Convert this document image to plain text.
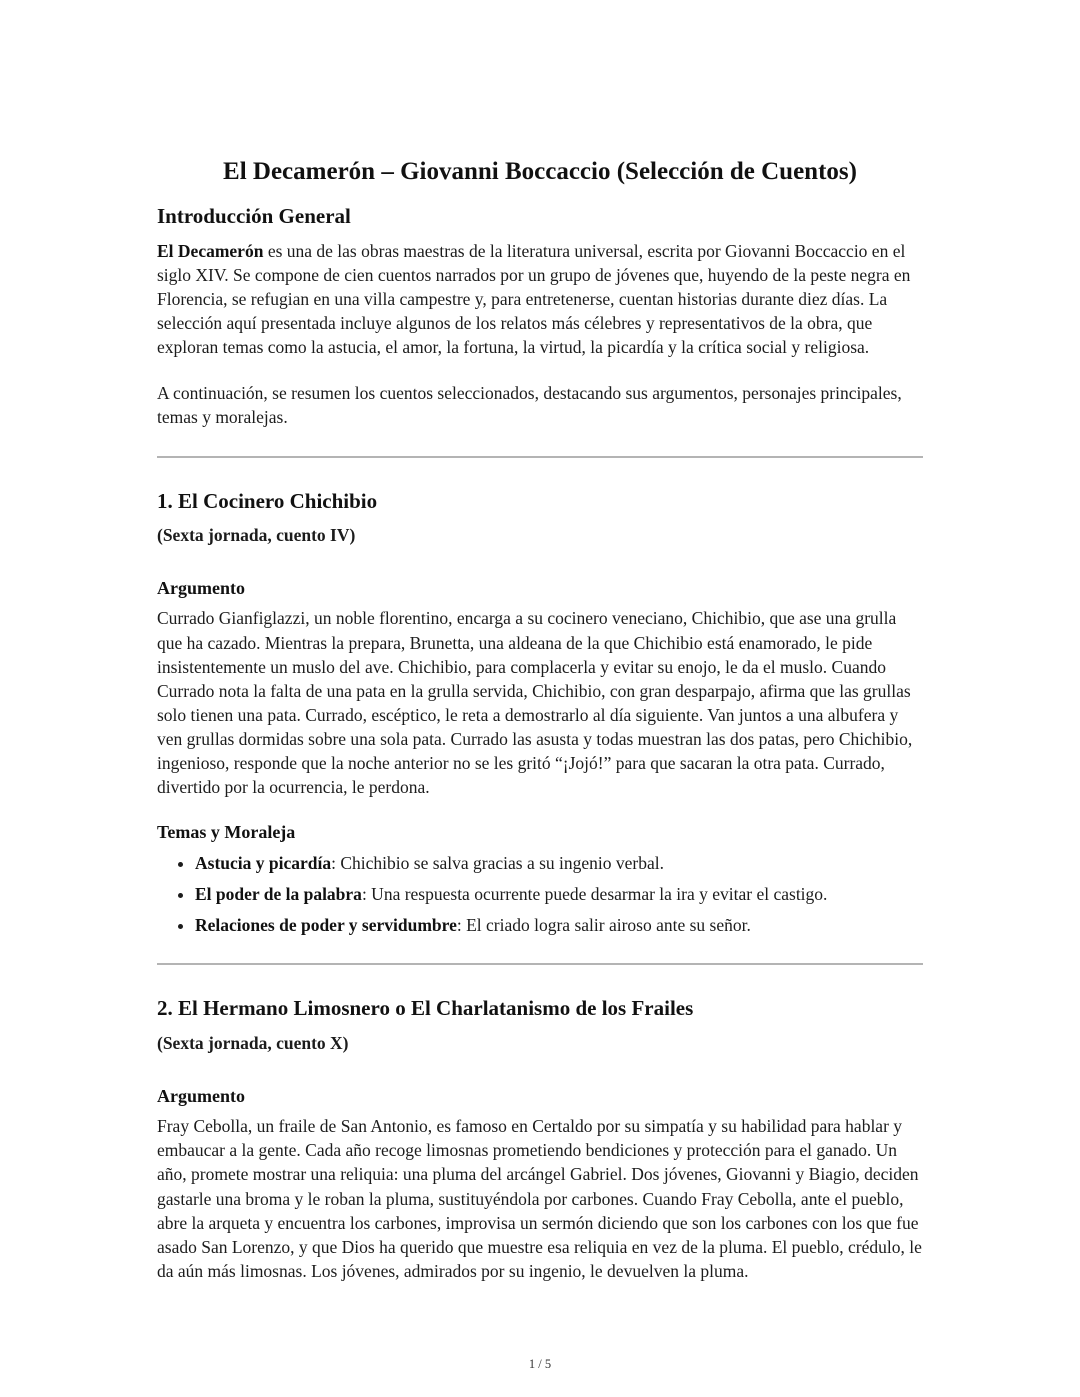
El Decamerón – Giovanni Boccaccio (Selección de Cuentos)
Introducción General

El Decamerón es una de las obras maestras de la literatura universal, escrita por Giovanni Boccaccio en el siglo XIV. Se compone de cien cuentos narrados por un grupo de jóvenes que, huyendo de la peste negra en Florencia, se refugian en una villa campestre y, para entretenerse, cuentan historias durante diez días. La selección aquí presentada incluye algunos de los relatos más célebres y representativos de la obra, que exploran temas como la astucia, el amor, la fortuna, la virtud, la picardía y la crítica social y religiosa.

A continuación, se resumen los cuentos seleccionados, destacando sus argumentos, personajes principales, temas y moralejas.

1. El Cocinero Chichibio

(Sexta jornada, cuento IV)

Argumento

Currado Gianfiglazzi, un noble florentino, encarga a su cocinero veneciano, Chichibio, que ase una grulla que ha cazado. Mientras la prepara, Brunetta, una aldeana de la que Chichibio está enamorado, le pide insistentemente un muslo del ave. Chichibio, para complacerla y evitar su enojo, le da el muslo. Cuando Currado nota la falta de una pata en la grulla servida, Chichibio, con gran desparpajo, afirma que las grullas solo tienen una pata. Currado, escéptico, le reta a demostrarlo al día siguiente. Van juntos a una albufera y ven grullas dormidas sobre una sola pata. Currado las asusta y todas muestran las dos patas, pero Chichibio, ingenioso, responde que la noche anterior no se les gritó “¡Jojó!” para que sacaran la otra pata. Currado, divertido por la ocurrencia, le perdona.

Temas y Moraleja
• Astucia y picardía: Chichibio se salva gracias a su ingenio verbal.
• El poder de la palabra: Una respuesta ocurrente puede desarmar la ira y evitar el castigo.
• Relaciones de poder y servidumbre: El criado logra salir airoso ante su señor.
2. El Hermano Limosnero o El Charlatanismo de los Frailes

(Sexta jornada, cuento X)

Argumento

Fray Cebolla, un fraile de San Antonio, es famoso en Certaldo por su simpatía y su habilidad para hablar y embaucar a la gente. Cada año recoge limosnas prometiendo bendiciones y protección para el ganado. Un año, promete mostrar una reliquia: una pluma del arcángel Gabriel. Dos jóvenes, Giovanni y Biagio, deciden gastarle una broma y le roban la pluma, sustituyéndola por carbones. Cuando Fray Cebolla, ante el pueblo, abre la arqueta y encuentra los carbones, improvisa un sermón diciendo que son los carbones con los que fue asado San Lorenzo, y que Dios ha querido que muestre esa reliquia en vez de la pluma. El pueblo, crédulo, le da aún más limosnas. Los jóvenes, admirados por su ingenio, le devuelven la pluma.

1 / 5
